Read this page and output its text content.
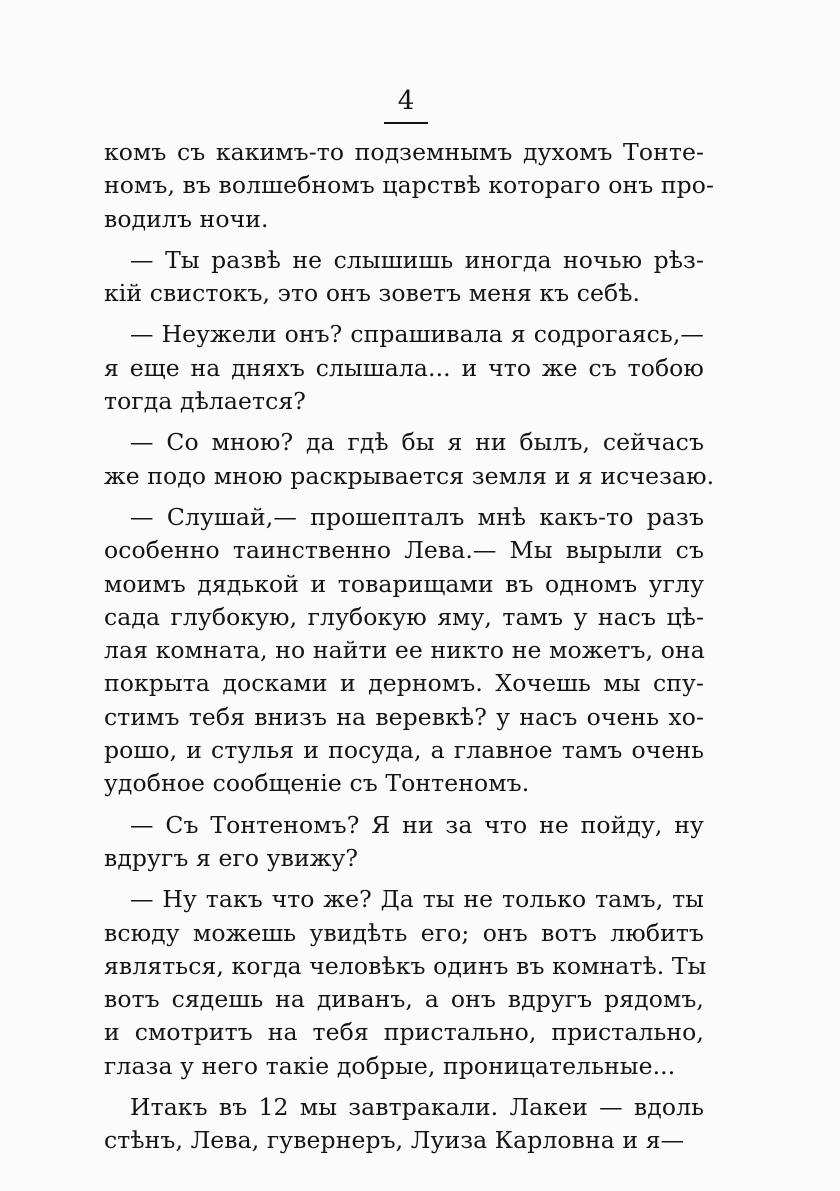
4
комъ съ какимъ-то подземнымъ духомъ Тонте-
номъ, въ волшебномъ царствѣ котораго онъ про-
водилъ ночи.
— Ты развѣ не слышишь иногда ночью рѣз-
кій свистокъ, это онъ зоветъ меня къ себѣ.
— Неужели онъ? спрашивала я содрогаясь,—
я еще на дняхъ слышала... и что же съ тобою
тогда дѣлается?
— Со мною? да гдѣ бы я ни былъ, сейчасъ
же подо мною раскрывается земля и я исчезаю.
— Слушай,— прошепталъ мнѣ какъ-то разъ
особенно таинственно Лева.— Мы вырыли съ
моимъ дядькой и товарищами въ одномъ углу
сада глубокую, глубокую яму, тамъ у насъ цѣ-
лая комната, но найти ее никто не можетъ, она
покрыта досками и дерномъ. Хочешь мы спу-
стимъ тебя внизъ на веревкѣ? у насъ очень хо-
рошо, и стулья и посуда, а главное тамъ очень
удобное сообщеніе съ Тонтеномъ.
— Съ Тонтеномъ? Я ни за что не пойду, ну
вдругъ я его увижу?
— Ну такъ что же? Да ты не только тамъ, ты
всюду можешь увидѣть его; онъ вотъ любитъ
являться, когда человѣкъ одинъ въ комнатѣ. Ты
вотъ сядешь на диванъ, а онъ вдругъ рядомъ,
и смотритъ на тебя пристально, пристально,
глаза у него такіе добрые, проницательные...
Итакъ въ 12 мы завтракали. Лакеи — вдоль
стѣнъ, Лева, гувернеръ, Луиза Карловна и я—
